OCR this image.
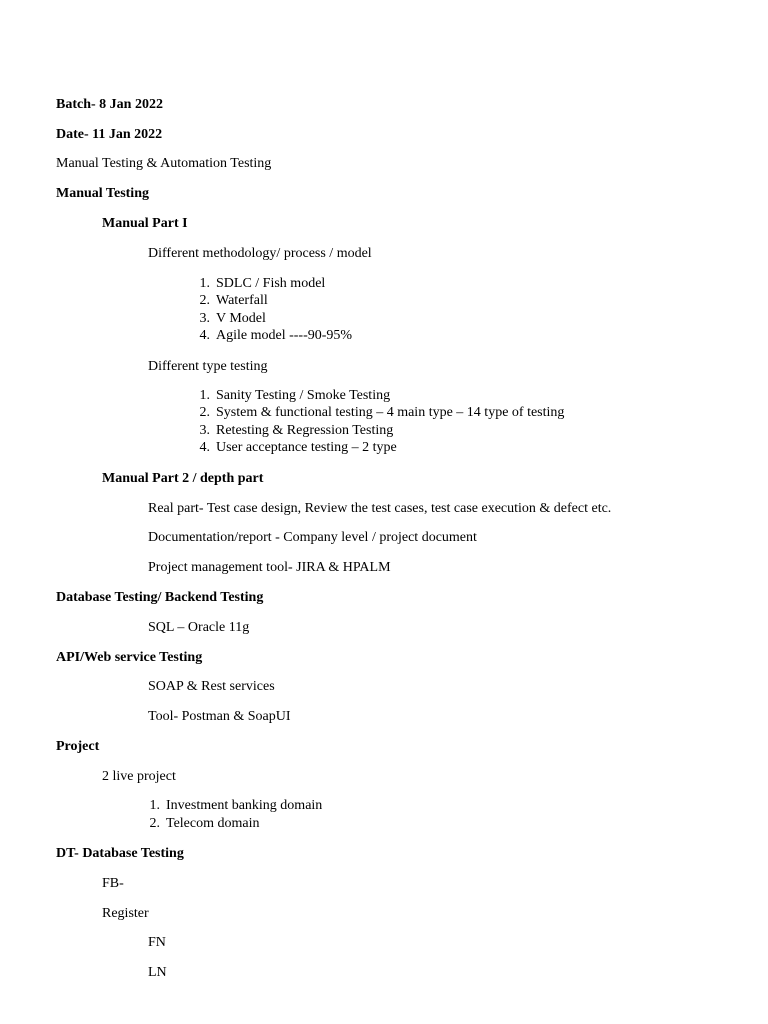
Batch- 8 Jan 2022
Date- 11 Jan 2022
Manual Testing & Automation Testing
Manual Testing
Manual Part I
Different methodology/ process / model
1. SDLC / Fish model
2. Waterfall
3. V Model
4. Agile model ----90-95%
Different type testing
1. Sanity Testing / Smoke Testing
2. System & functional testing – 4 main type – 14 type of testing
3. Retesting & Regression Testing
4. User acceptance testing – 2 type
Manual Part 2 / depth part
Real part- Test case design, Review the test cases, test case execution & defect etc.
Documentation/report - Company level / project document
Project management tool- JIRA & HPALM
Database Testing/ Backend Testing
SQL – Oracle 11g
API/Web service Testing
SOAP & Rest services
Tool- Postman & SoapUI
Project
2 live project
1. Investment banking domain
2. Telecom domain
DT- Database Testing
FB-
Register
FN
LN
